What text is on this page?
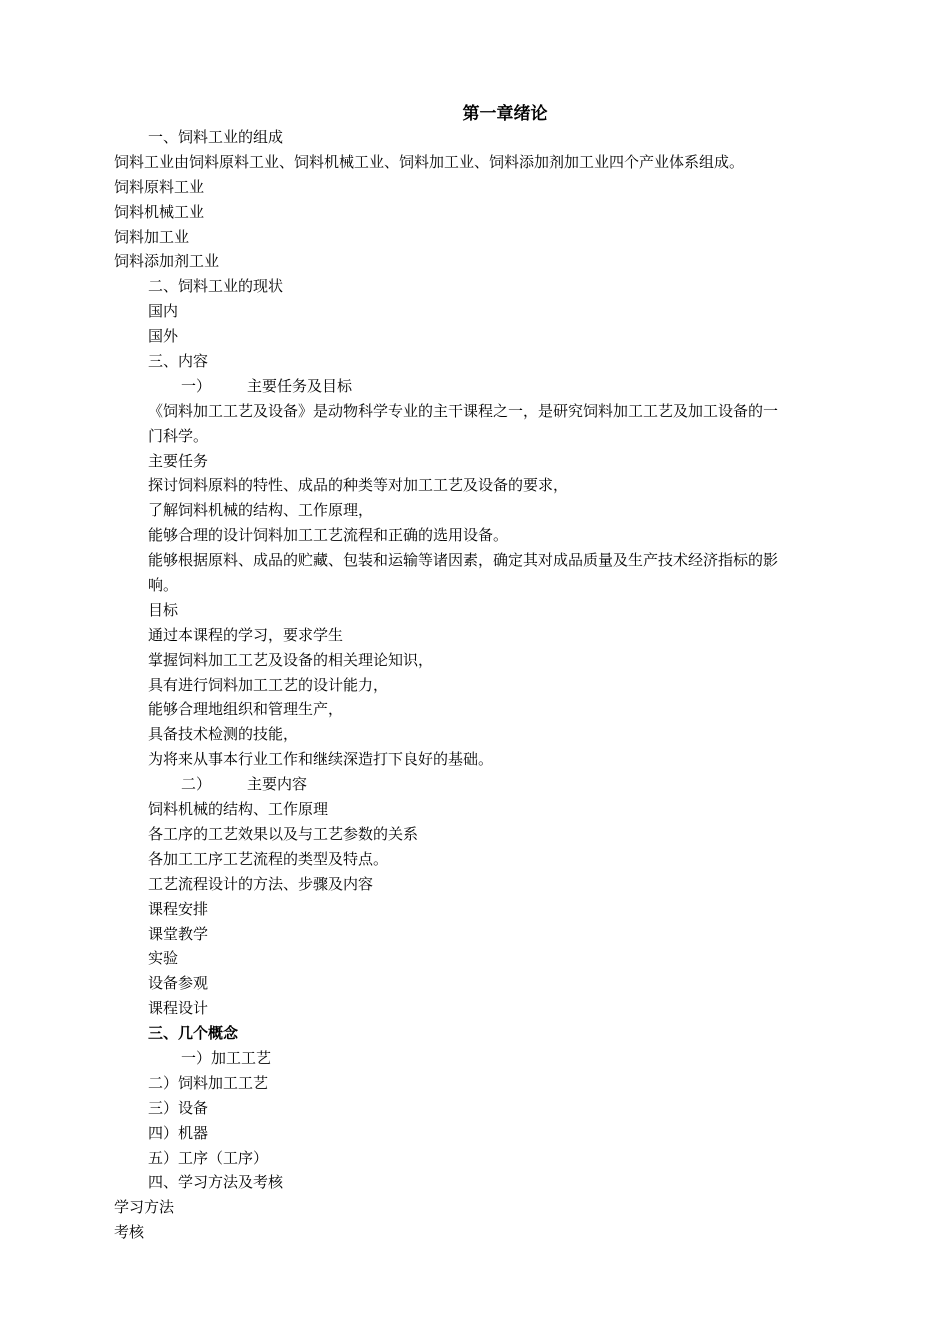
第一章绪论
一、饲料工业的组成
饲料工业由饲料原料工业、饲料机械工业、饲料加工业、饲料添加剂加工业四个产业体系组成。
饲料原料工业
饲料机械工业
饲料加工业
饲料添加剂工业
二、饲料工业的现状
国内
国外
三、内容
一） 主要任务及目标
《饲料加工工艺及设备》是动物科学专业的主干课程之一，是研究饲料加工工艺及加工设备的一
门科学。
主要任务
探讨饲料原料的特性、成品的种类等对加工工艺及设备的要求，
了解饲料机械的结构、工作原理，
能够合理的设计饲料加工工艺流程和正确的选用设备。
能够根据原料、成品的贮藏、包装和运输等诸因素，确定其对成品质量及生产技术经济指标的影
响。
目标
通过本课程的学习，要求学生
掌握饲料加工工艺及设备的相关理论知识，
具有进行饲料加工工艺的设计能力，
能够合理地组织和管理生产，
具备技术检测的技能，
为将来从事本行业工作和继续深造打下良好的基础。
二） 主要内容
饲料机械的结构、工作原理
各工序的工艺效果以及与工艺参数的关系
各加工工序工艺流程的类型及特点。
工艺流程设计的方法、步骤及内容
课程安排
课堂教学
实验
设备参观
课程设计
三、几个概念
一）加工工艺
二）饲料加工工艺
三）设备
四）机器
五）工序（工序）
四、学习方法及考核
学习方法
考核
